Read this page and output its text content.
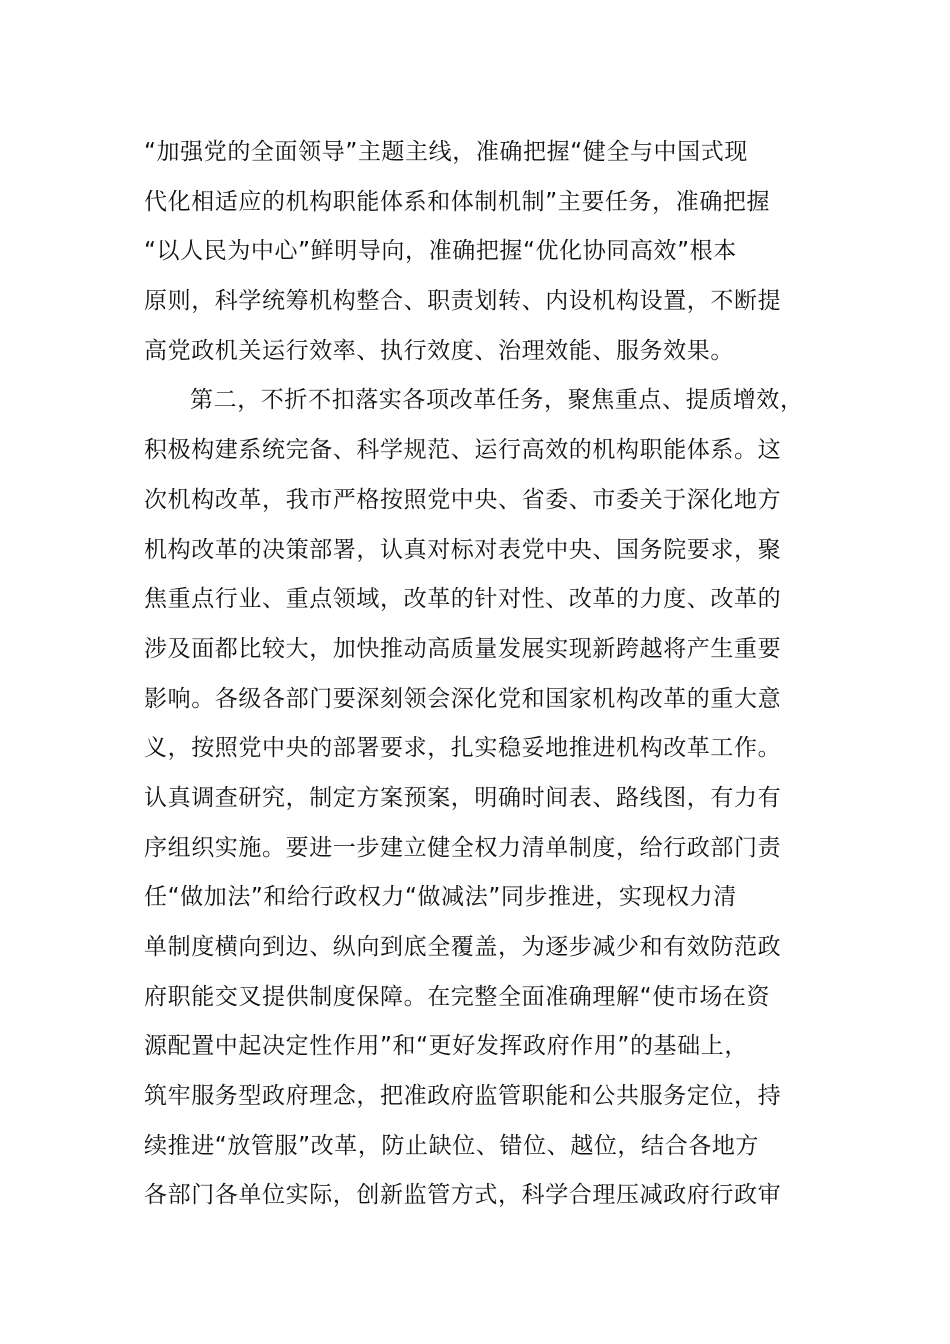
“加强党的全面领导”主题主线，准确把握“健全与中国式现
代化相适应的机构职能体系和体制机制”主要任务，准确把握
“以人民为中心”鲜明导向，准确把握“优化协同高效”根本
原则，科学统筹机构整合、职责划转、内设机构设置，不断提
高党政机关运行效率、执行效度、治理效能、服务效果。
第二，不折不扣落实各项改革任务，聚焦重点、提质增效，
积极构建系统完备、科学规范、运行高效的机构职能体系。这
次机构改革，我市严格按照党中央、省委、市委关于深化地方
机构改革的决策部署，认真对标对表党中央、国务院要求，聚
焦重点行业、重点领域，改革的针对性、改革的力度、改革的
涉及面都比较大，加快推动高质量发展实现新跨越将产生重要
影响。各级各部门要深刻领会深化党和国家机构改革的重大意
义，按照党中央的部署要求，扎实稳妥地推进机构改革工作。
认真调查研究，制定方案预案，明确时间表、路线图，有力有
序组织实施。要进一步建立健全权力清单制度，给行政部门责
任“做加法”和给行政权力“做减法”同步推进，实现权力清
单制度横向到边、纵向到底全覆盖，为逐步减少和有效防范政
府职能交叉提供制度保障。在完整全面准确理解“使市场在资
源配置中起决定性作用”和“更好发挥政府作用”的基础上，
筑牢服务型政府理念，把准政府监管职能和公共服务定位，持
续推进“放管服”改革，防止缺位、错位、越位，结合各地方
各部门各单位实际，创新监管方式，科学合理压减政府行政审
